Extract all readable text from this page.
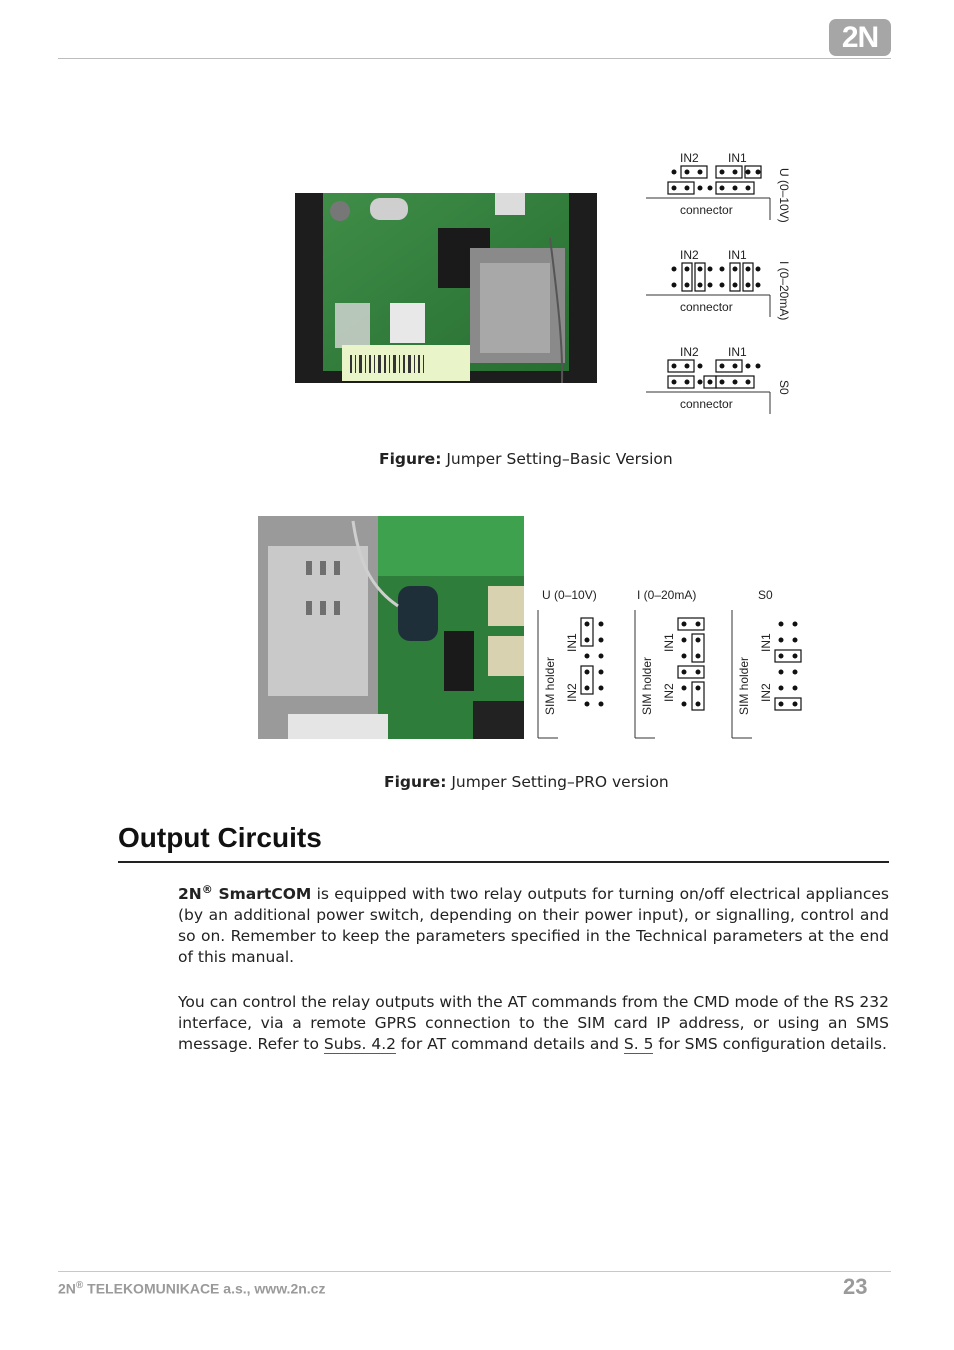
2N
IN2 IN1
connector	U (0–10V)
IN2 IN1
connector	I (0–20mA)
IN2 IN1
connector
S0
Figure: Jumper Setting–Basic Version
U (0–10V)
SIM holder
IN1
IN2
I (0–20mA)
SIM holder
IN1
IN2
S0
SIM holder
IN1
IN2
Figure: Jumper Setting–PRO version
Output Circuits
2N® SmartCOM is equipped with two relay outputs for turning on/off electrical appliances (by an additional power switch, depending on their power input), or signalling, control and so on. Remember to keep the parameters specified in the Technical parameters at the end of this manual.
You can control the relay outputs with the AT commands from the CMD mode of the RS 232 interface, via a remote GPRS connection to the SIM card IP address, or using an SMS message. Refer to Subs. 4.2 for AT command details and S. 5 for SMS configuration details.
2N® TELEKOMUNIKACE a.s., www.2n.cz	23
